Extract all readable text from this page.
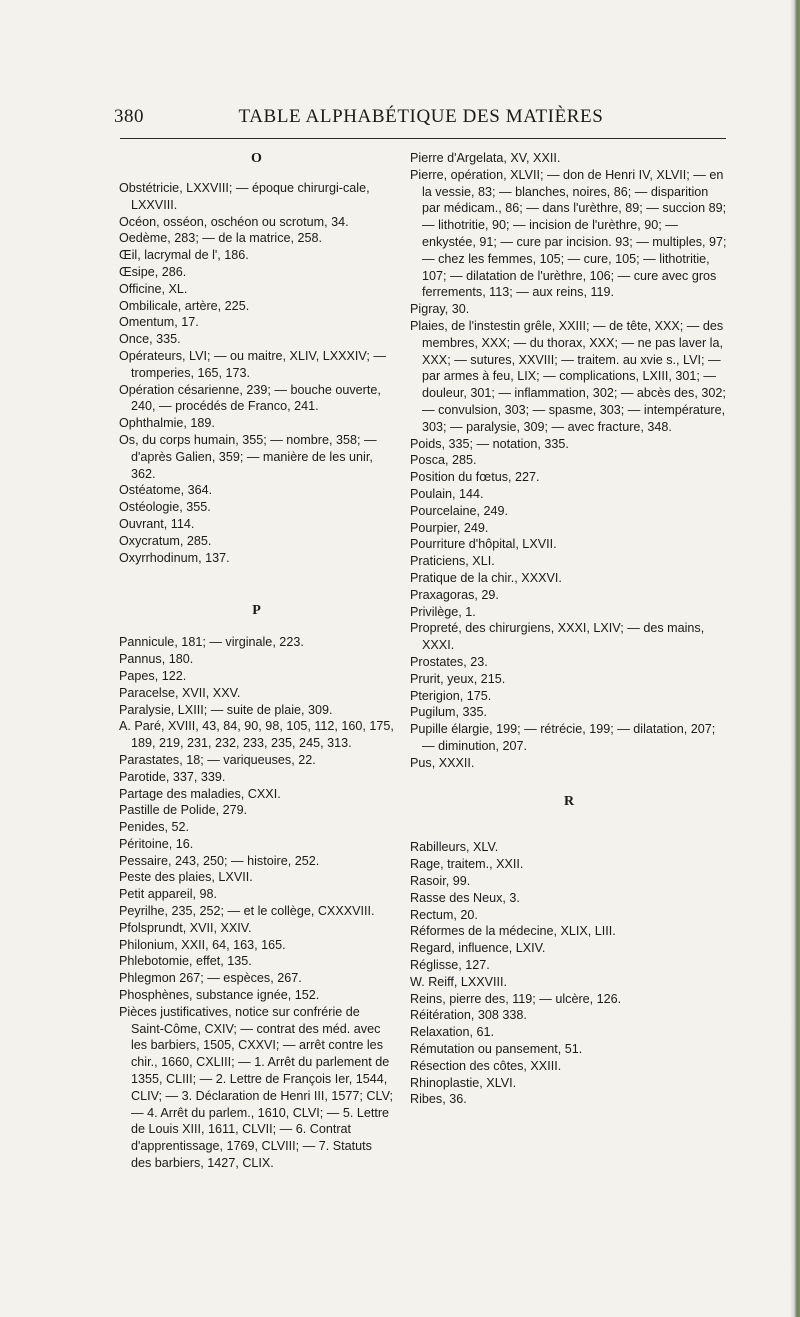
380	TABLE ALPHABÉTIQUE DES MATIÈRES
O
Obstétricie, LXXVIII; — époque chirurgi-cale, LXXVIII.
Océon, osséon, oschéon ou scrotum, 34.
Oedème, 283; — de la matrice, 258.
Œil, lacrymal de l', 186.
Œsipe, 286.
Officine, XL.
Ombilicale, artère, 225.
Omentum, 17.
Once, 335.
Opérateurs, LVI; — ou maitre, XLIV, LXXXIV; — tromperies, 165, 173.
Opération césarienne, 239; — bouche ouverte, 240, — procédés de Franco, 241.
Ophthalmie, 189.
Os, du corps humain, 355; — nombre, 358; — d'après Galien, 359; — manière de les unir, 362.
Ostéatome, 364.
Ostéologie, 355.
Ouvrant, 114.
Oxycratum, 285.
Oxyrrhodinum, 137.
P
Pannicule, 181; — virginale, 223.
Pannus, 180.
Papes, 122.
Paracelse, XVII, XXV.
Paralysie, LXIII; — suite de plaie, 309.
A. Paré, XVIII, 43, 84, 90, 98, 105, 112, 160, 175, 189, 219, 231, 232, 233, 235, 245, 313.
Parastates, 18; — variqueuses, 22.
Parotide, 337, 339.
Partage des maladies, CXXI.
Pastille de Polide, 279.
Penides, 52.
Péritoine, 16.
Pessaire, 243, 250; — histoire, 252.
Peste des plaies, LXVII.
Petit appareil, 98.
Peyrilhe, 235, 252; — et le collège, CXXXVIII.
Pfolsprundt, XVII, XXIV.
Philonium, XXII, 64, 163, 165.
Phlebotomie, effet, 135.
Phlegmon 267; — espèces, 267.
Phosphènes, substance ignée, 152.
Pièces justificatives, notice sur confrérie de Saint-Côme, CXIV; — contrat des méd. avec les barbiers, 1505, CXXVI; — arrêt contre les chir., 1660, CXLIII; — 1. Arrêt du parlement de 1355, CLIII; — 2. Lettre de François Ier, 1544, CLIV; — 3. Déclaration de Henri III, 1577; CLV; — 4. Arrêt du parlem., 1610, CLVI; — 5. Lettre de Louis XIII, 1611, CLVII; — 6. Contrat d'apprentissage, 1769, CLVIII; — 7. Statuts des barbiers, 1427, CLIX.
Pierre d'Argelata, XV, XXII.
Pierre, opération, XLVII; — don de Henri IV, XLVII; — en la vessie, 83; — blanches, noires, 86; — disparition par médicam., 86; — dans l'urèthre, 89; — succion 89; — lithotritie, 90; — incision de l'urèthre, 90; — enkystée, 91; — cure par incision. 93; — multiples, 97; — chez les femmes, 105; — cure, 105; — lithotritie, 107; — dilatation de l'urèthre, 106; — cure avec gros ferrements, 113; — aux reins, 119.
Pigray, 30.
Plaies, de l'instestin grêle, XXIII; — de tête, XXX; — des membres, XXX; — du thorax, XXX; — ne pas laver la, XXX; — sutures, XXVIII; — traitem. au xvie s., LVI; — par armes à feu, LIX; — complications, LXIII, 301; — douleur, 301; — inflammation, 302; — abcès des, 302; — convulsion, 303; — spasme, 303; — intempérature, 303; — paralysie, 309; — avec fracture, 348.
Poids, 335; — notation, 335.
Posca, 285.
Position du fœtus, 227.
Poulain, 144.
Pourcelaine, 249.
Pourpier, 249.
Pourriture d'hôpital, LXVII.
Praticiens, XLI.
Pratique de la chir., XXXVI.
Praxagoras, 29.
Privilège, 1.
Propreté, des chirurgiens, XXXI, LXIV; — des mains, XXXI.
Prostates, 23.
Prurit, yeux, 215.
Pterigion, 175.
Pugilum, 335.
Pupille élargie, 199; — rétrécie, 199; — dilatation, 207; — diminution, 207.
Pus, XXXII.
R
Rabilleurs, XLV.
Rage, traitem., XXII.
Rasoir, 99.
Rasse des Neux, 3.
Rectum, 20.
Réformes de la médecine, XLIX, LIII.
Regard, influence, LXIV.
Réglisse, 127.
W. Reiff, LXXVIII.
Reins, pierre des, 119; — ulcère, 126.
Réitération, 308 338.
Relaxation, 61.
Rémutation ou pansement, 51.
Résection des côtes, XXIII.
Rhinoplastie, XLVI.
Ribes, 36.
